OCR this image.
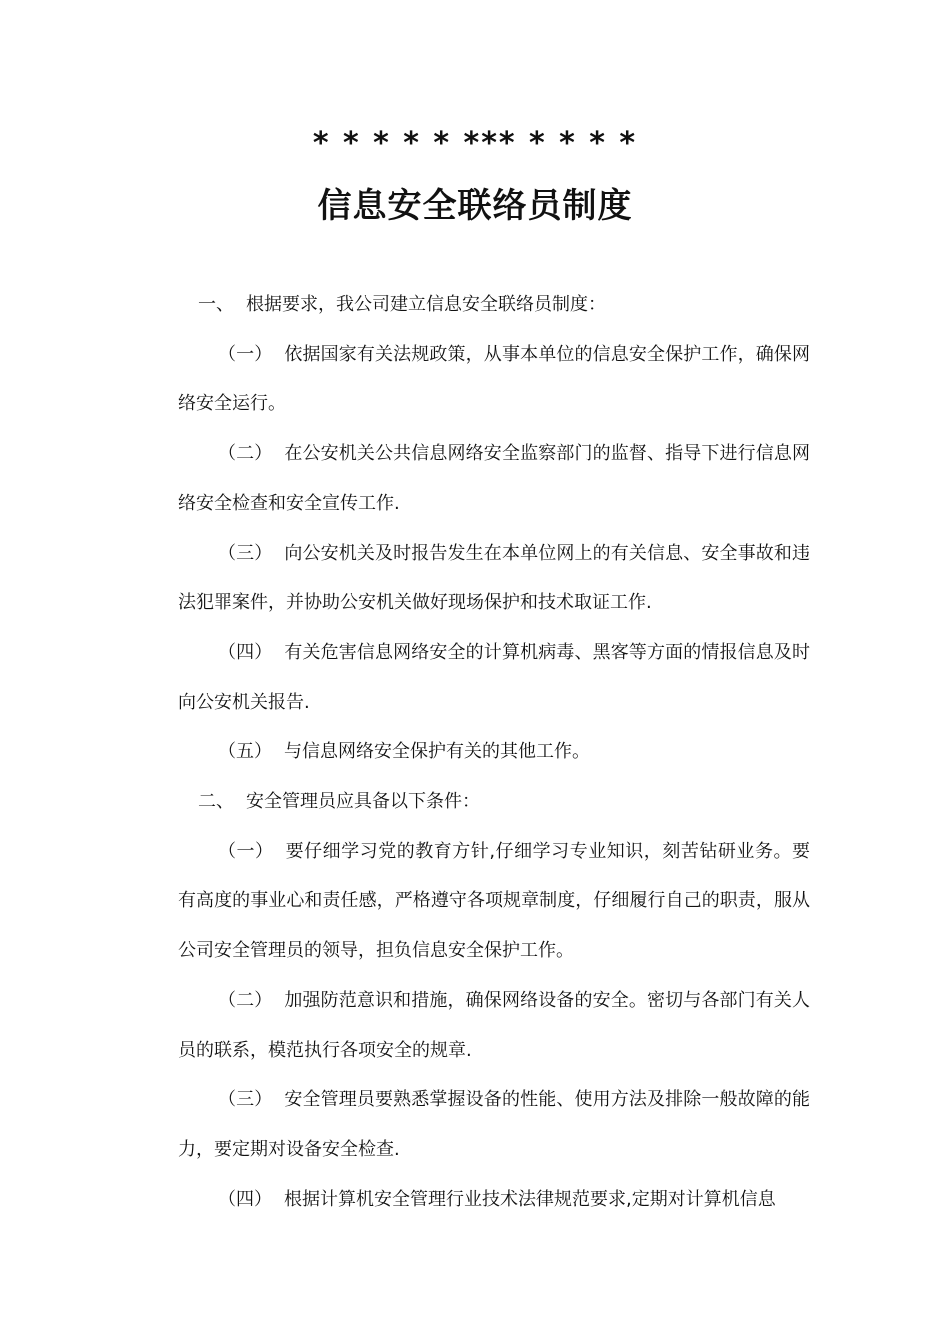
* * * * * *** * * * *
信息安全联络员制度

一、 根据要求，我公司建立信息安全联络员制度：

（一） 依据国家有关法规政策，从事本单位的信息安全保护工作，确保网络安全运行。

（二） 在公安机关公共信息网络安全监察部门的监督、指导下进行信息网络安全检查和安全宣传工作.

（三） 向公安机关及时报告发生在本单位网上的有关信息、安全事故和违法犯罪案件，并协助公安机关做好现场保护和技术取证工作.

（四） 有关危害信息网络安全的计算机病毒、黑客等方面的情报信息及时向公安机关报告.

（五） 与信息网络安全保护有关的其他工作。

二、 安全管理员应具备以下条件：

（一） 要仔细学习党的教育方针,仔细学习专业知识，刻苦钻研业务。要有高度的事业心和责任感，严格遵守各项规章制度，仔细履行自己的职责，服从公司安全管理员的领导，担负信息安全保护工作。

（二） 加强防范意识和措施，确保网络设备的安全。密切与各部门有关人员的联系，模范执行各项安全的规章.

（三） 安全管理员要熟悉掌握设备的性能、使用方法及排除一般故障的能力，要定期对设备安全检查.

（四） 根据计算机安全管理行业技术法律规范要求,定期对计算机信息
